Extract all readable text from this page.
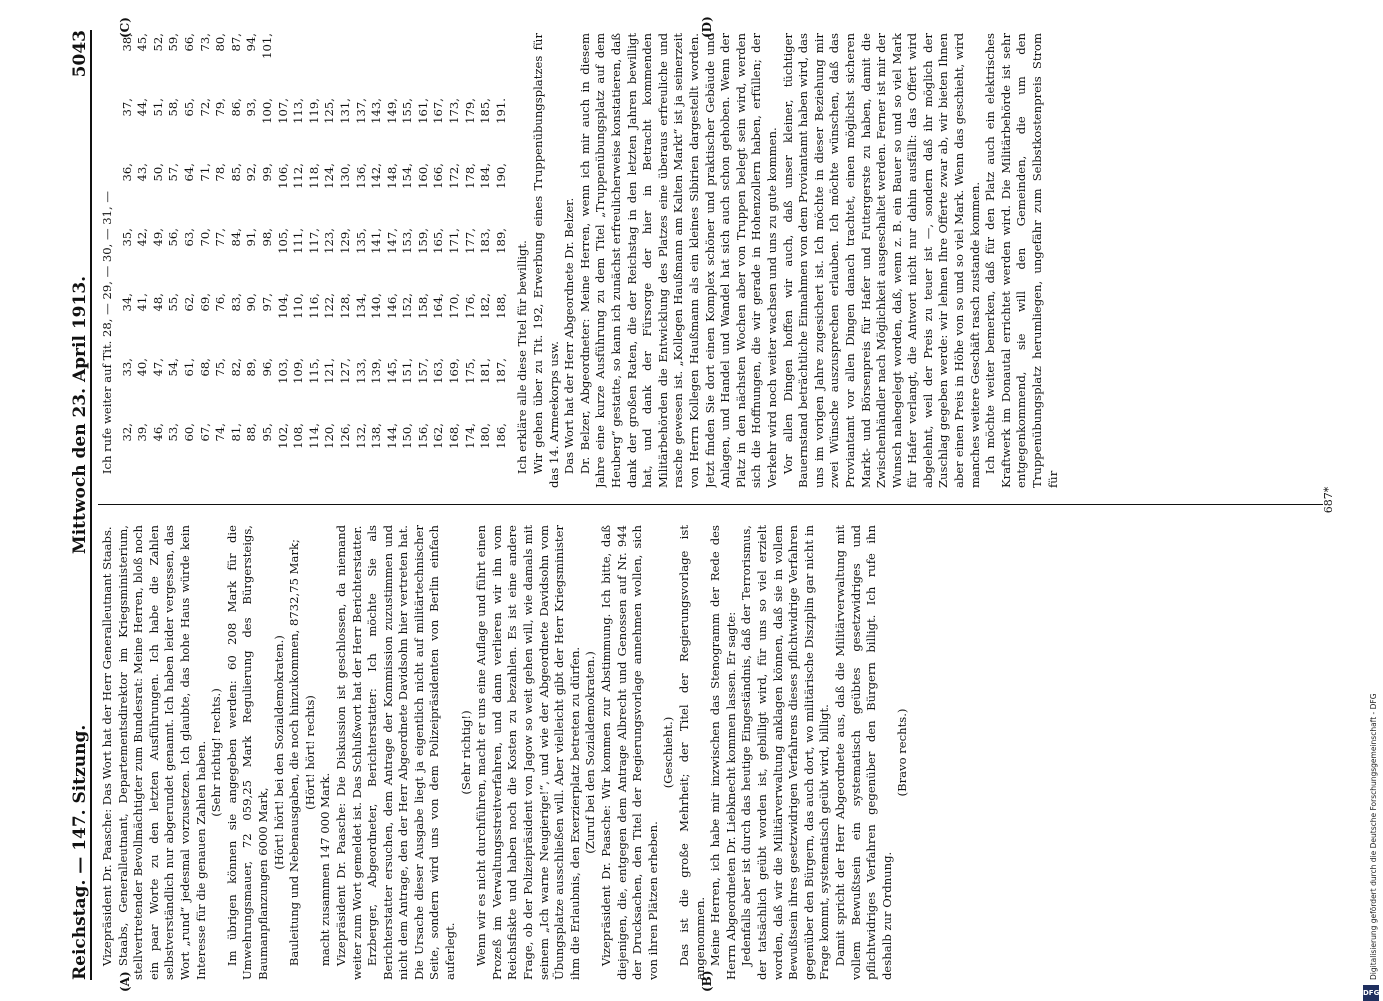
Reichstag. — 147. Sitzung.
Mittwoch den 23. April 1913.
5043
(A)	(B)
(C)	(D)

Vizepräsident Dr. Paasche: Das Wort hat der Herr Generalleutnant Staabs. Staabs, Generalleutnant, Departementsdirektor im Kriegsministerium, stellvertretender Bevollmächtigter zum Bundesrat: Meine Herren, bloß noch ein paar Worte zu den letzten Ausführungen. Ich habe die Zahlen selbstverständlich nur abgerundet genannt. Ich haben leider vergessen, das Wort „rund“ jedesmal vorzusetzen. Ich glaubte, das hohe Haus würde kein Interesse für die genauen Zahlen haben. (Sehr richtig! rechts.) Im übrigen können sie angegeben werden: 60 208 Mark für die Umwehrungsmauer, 72 059,25 Mark Regulierung des Bürgersteigs, Baumanpflanzungen 6000 Mark,

(Hört! hört! bei den Sozialdemokraten.) Bauleitung und Nebenausgaben, die noch hinzukommen, 8732,75 Mark; (Hört! hört! rechts)

macht zusammen 147 000 Mark. Vizepräsident Dr. Paasche: Die Diskussion ist geschlossen, da niemand weiter zum Wort gemeldet ist. Das Schlußwort hat der Herr Berichterstatter. Erzberger, Abgeordneter, Berichterstatter: Ich möchte Sie als Berichterstatter ersuchen, dem Antrage der Kommission zuzustimmen und nicht dem Antrage, den der Herr Abgeordnete Davidsohn hier vertreten hat. Die Ursache dieser Ausgabe liegt ja eigentlich nicht auf militärtechnischer Seite, sondern wird uns von dem Polizeipräsidenten von Berlin einfach auferlegt.

(Sehr richtig!) Wenn wir es nicht durchführen, macht er uns eine Auflage und führt einen Prozeß im Verwaltungsstreitverfahren, und dann verlieren wir ihn vom Reichsfiskte und haben noch die Kosten zu bezahlen. Es ist eine andere Frage, ob der Polizeipräsident von Jagow so weit gehen will, wie damals mit seinem „Ich warne Neugierige!“, und wie der Abgeordnete Davidsohn vom Übungsplatze ausschließen will. Aber vielleicht gibt der Herr Kriegsminister ihm die Erlaubnis, den Exerzierplatz betreten zu dürfen. (Zuruf bei den Sozialdemokraten.) Vizepräsident Dr. Paasche: Wir kommen zur Abstimmung. Ich bitte, daß diejenigen, die, entgegen dem Antrage Albrecht und Genossen auf Nr. 944 der Drucksachen, den Titel der Regierungsvorlage annehmen wollen, sich von ihren Plätzen erheben.

(Geschieht.) Das ist die große Mehrheit; der Titel der Regierungsvorlage ist angenommen. Meine Herren, ich habe mir inzwischen das Stenogramm der Rede des Herrn Abgeordneten Dr. Liebknecht kommen lassen. Er sagte: Jedenfalls aber ist durch das heutige Eingeständnis, daß der Terrorismus, der tatsächlich geübt worden ist, gebilligt wird, für uns so viel erzielt worden, daß wir die Militärverwaltung anklagen können, daß sie in vollem Bewußtsein ihres gesetzwidrigen Verfahrens dieses pflichtwidrige Verfahren gegenüber den Bürgern, das auch dort, wo militärische Disziplin gar nicht in Frage kommt, systematisch geübt wird, billigt. Damit spricht der Herr Abgeordnete aus, daß die Militärverwaltung mit vollem Bewußtsein ein systematisch geübtes gesetzwidriges und pflichtwidriges Verfahren gegenüber den Bürgern billigt. Ich rufe ihn deshalb zur Ordnung.

(Bravo rechts.)

Ich rufe weiter auf Tit. 28, — 29, — 30, — 31, — 32,	33,	34,	35,	36,	37,	38,
39,	40,	41,	42,	43,	44,	45,
46,	47,	48,	49,	50,	51,	52,
53,	54,	55,	56,	57,	58,	59,
60,	61,	62,	63,	64,	65,	66,
67,	68,	69,	70,	71,	72,	73,
74,	75,	76,	77,	78,	79,	80,
81,	82,	83,	84,	85,	86,	87,
88,	89,	90,	91,	92,	93,	94,
95,	96,	97,	98,	99,	100,	101,
102,	103,	104,	105,	106,	107,	
108,	109,	110,	111,	112,	113,	
114,	115,	116,	117,	118,	119,	
120,	121,	122,	123,	124,	125,	
126,	127,	128,	129,	130,	131,	
132,	133,	134,	135,	136,	137,	
138,	139,	140,	141,	142,	143,	
144,	145,	146,	147,	148,	149,	
150,	151,	152,	153,	154,	155,	
156,	157,	158,	159,	160,	161,	
162,	163,	164,	165,	166,	167,	
168,	169,	170,	171,	172,	173,	
174,	175,	176,	177,	178,	179,	
180,	181,	182,	183,	184,	185,	
186,	187,	188,	189,	190,	191.	

Ich erkläre alle diese Titel für bewilligt. Wir gehen über zu Tit. 192, Erwerbung eines Truppenübungsplatzes für das 14. Armeekorps usw. Das Wort hat der Herr Abgeordnete Dr. Belzer. Dr. Belzer, Abgeordneter: Meine Herren, wenn ich mir auch in diesem Jahre eine kurze Ausführung zu dem Titel „Truppenübungsplatz auf dem Heuberg“ gestatte, so kann ich zunächst erfreulicherweise konstatieren, daß dank der großen Raten, die der Reichstag in den letzten Jahren bewilligt hat, und dank der Fürsorge der hier in Betracht kommenden Militärbehörden die Entwicklung des Platzes eine überaus erfreuliche und rasche gewesen ist. „Kollegen Haußmann am Kalten Markt“ ist ja seinerzeit von Herrn Kollegen Haußmann als ein kleines Sibirien dargestellt worden. Jetzt finden Sie dort einen Komplex schöner und praktischer Gebäude und Anlagen, und Handel und Wandel hat sich auch schon gehoben. Wenn der Platz in den nächsten Wochen aber von Truppen belegt sein wird, werden sich die Hoffnungen, die wir gerade in Hohenzollern haben, erfüllen; der Verkehr wird noch weiter wachsen und uns zu gute kommen. Vor allen Dingen hoffen wir auch, daß unser kleiner, tüchtiger Bauernstand beträchtliche Einnahmen von dem Proviantamt haben wird, das uns im vorigen Jahre zugesichert ist. Ich möchte in dieser Beziehung mir zwei Wünsche auszusprechen erlauben. Ich möchte wünschen, daß das Proviantamt vor allen Dingen danach trachtet, einen möglichst sicheren Markt- und Börsenpreis für Hafer und Futtergerste zu haben, damit die Zwischenhändler nach Möglichkeit ausgeschaltet werden. Ferner ist mir der Wunsch nahegelegt worden, daß, wenn z. B. ein Bauer so und so viel Mark für Hafer verlangt, die Antwort nicht nur dahin ausfällt: das Offert wird abgelehnt, weil der Preis zu teuer ist —, sondern daß ihr möglich der Zuschlag gegeben werde: wir lehnen Ihre Offerte zwar ab, wir bieten Ihnen aber einen Preis in Höhe von so und so viel Mark. Wenn das geschieht, wird manches weitere Geschäft rasch zustande kommen. Ich möchte weiter bemerken, daß für den Platz auch ein elektrisches Kraftwerk im Donautal errichtet werden wird. Die Militärbehörde ist sehr entgegenkommend, sie will den Gemeinden, die um den Truppenübungsplatz herumliegen, ungefähr zum Selbstkostenpreis Strom für

687*
DFG
Digitalisierung gefördert durch die Deutsche Forschungsgemeinschaft - DFG
